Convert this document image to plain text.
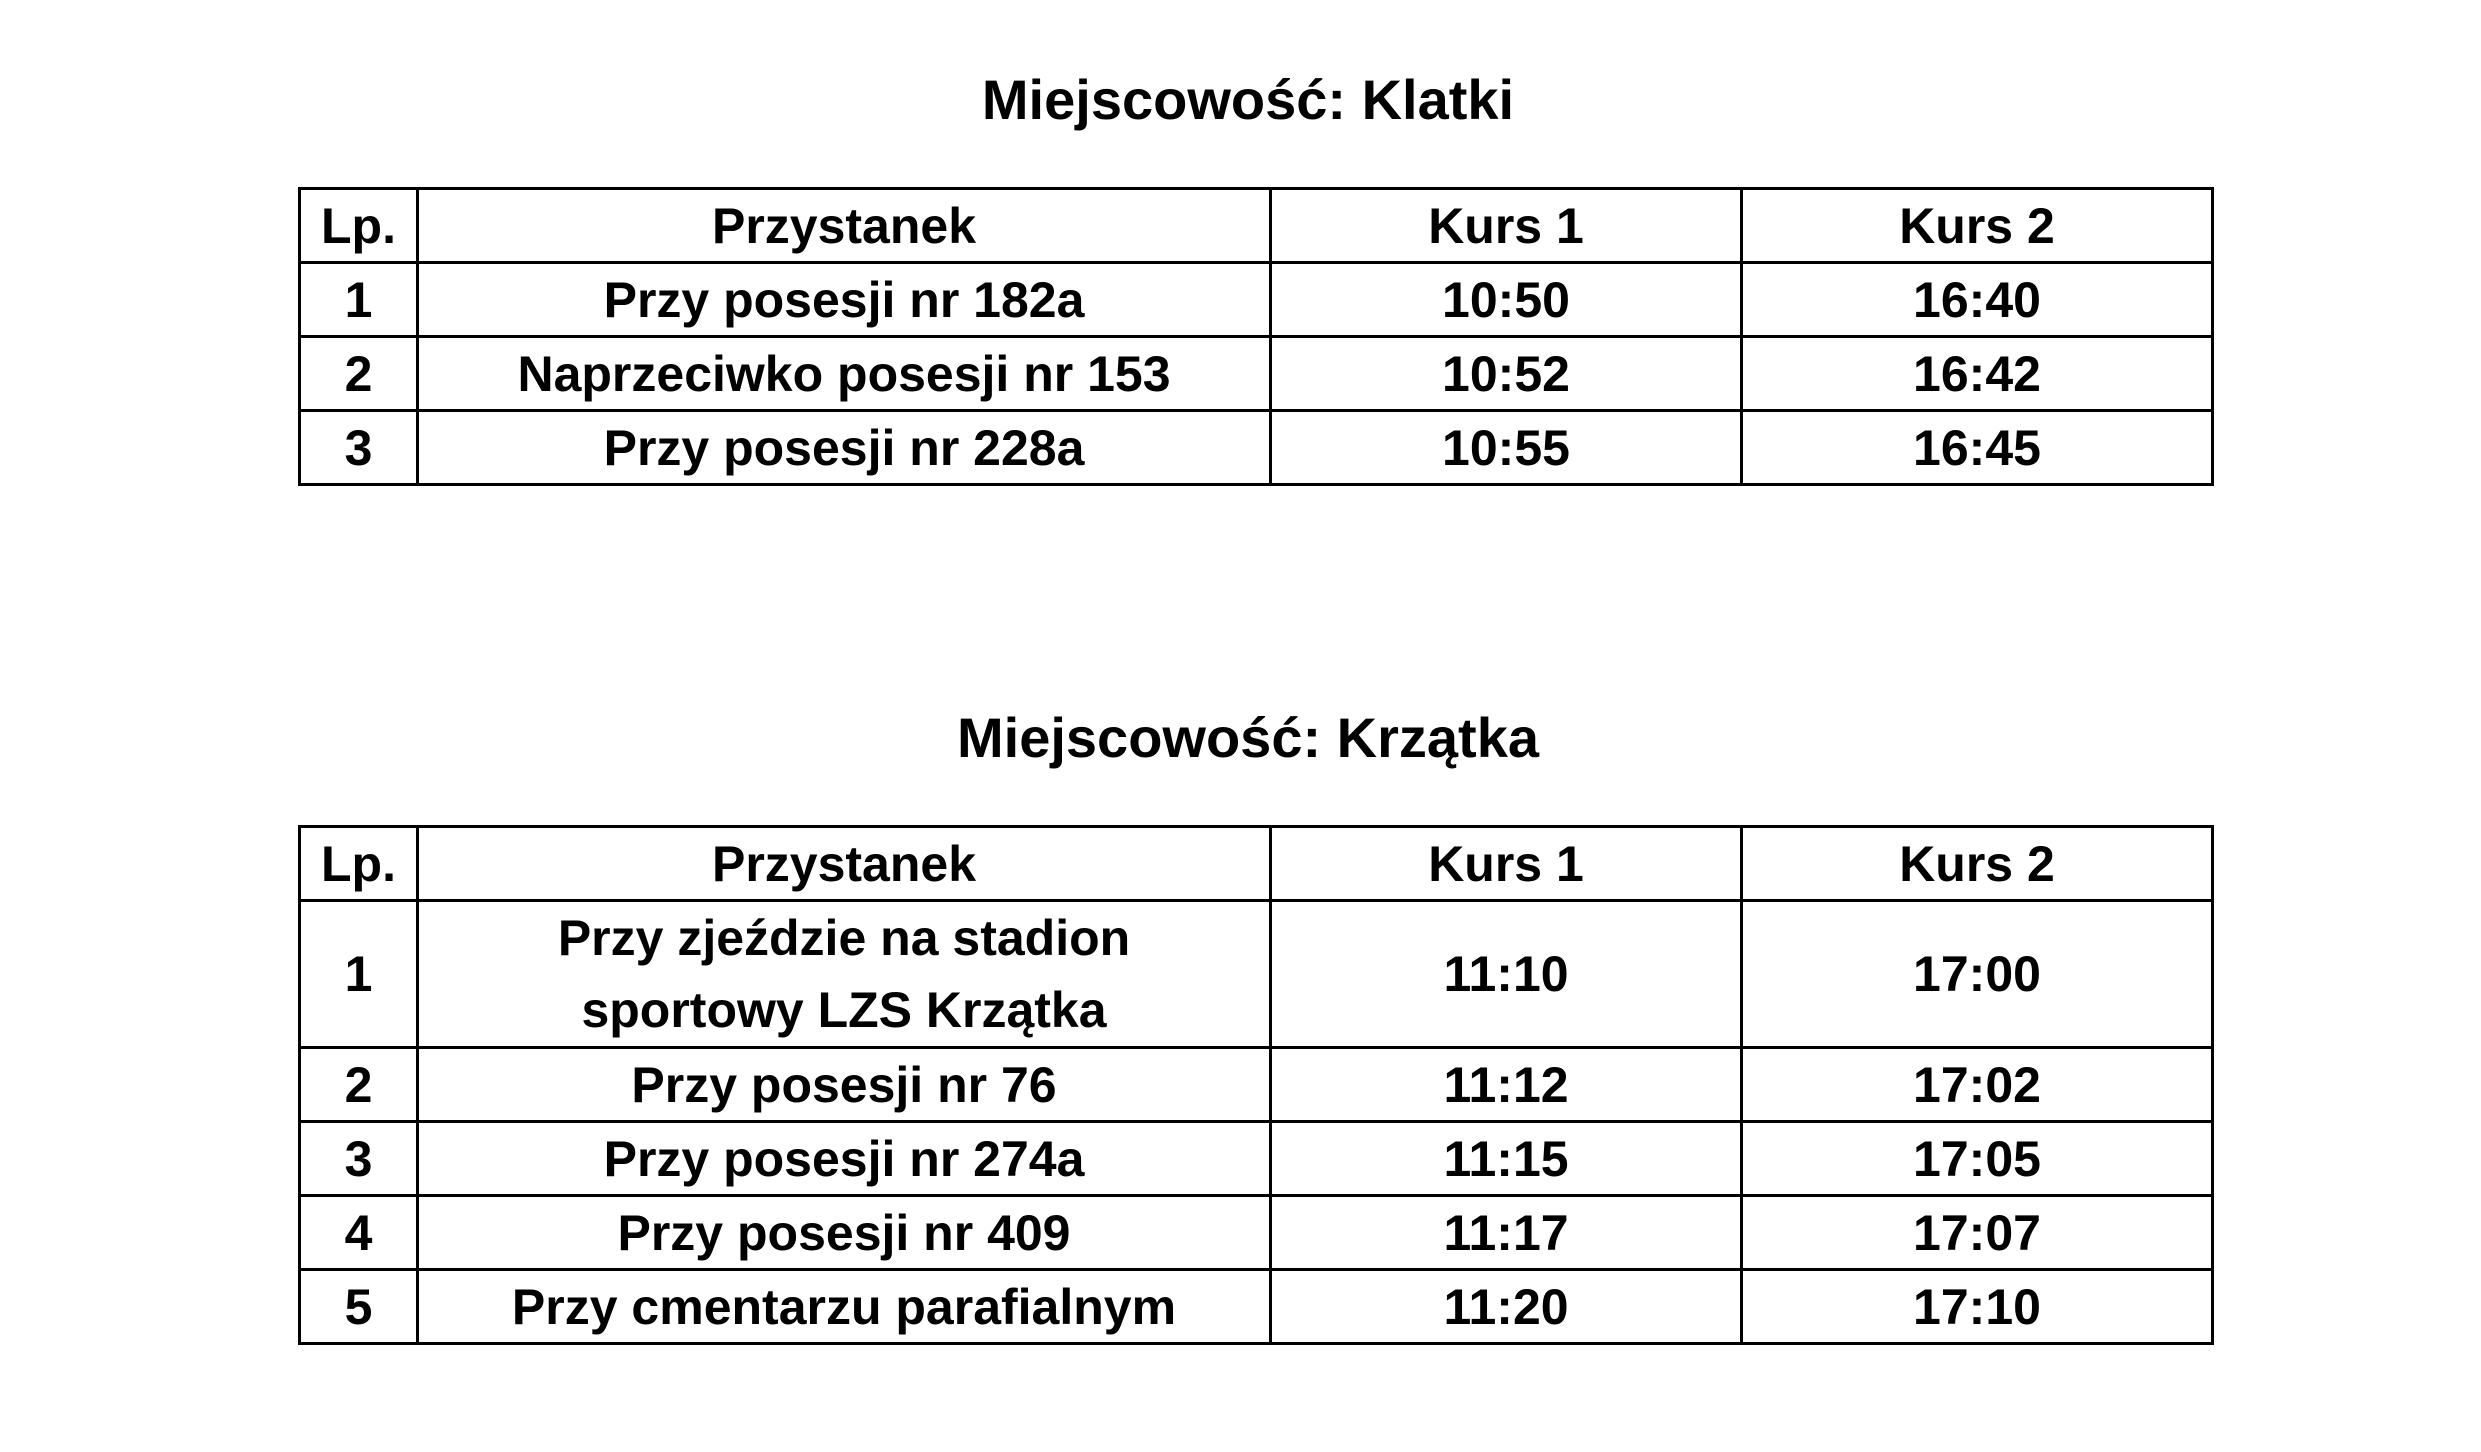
Miejscowość: Klatki
Lp.	Przystanek	Kurs 1	Kurs 2
1	Przy posesji nr 182a	10:50	16:40
2	Naprzeciwko posesji nr 153	10:52	16:42
3	Przy posesji nr 228a	10:55	16:45
Miejscowość: Krzątka
Lp.	Przystanek	Kurs 1	Kurs 2
1	Przy zjeździe na stadion
sportowy LZS Krzątka	11:10	17:00
2	Przy posesji nr 76	11:12	17:02
3	Przy posesji nr 274a	11:15	17:05
4	Przy posesji nr 409	11:17	17:07
5	Przy cmentarzu parafialnym	11:20	17:10
